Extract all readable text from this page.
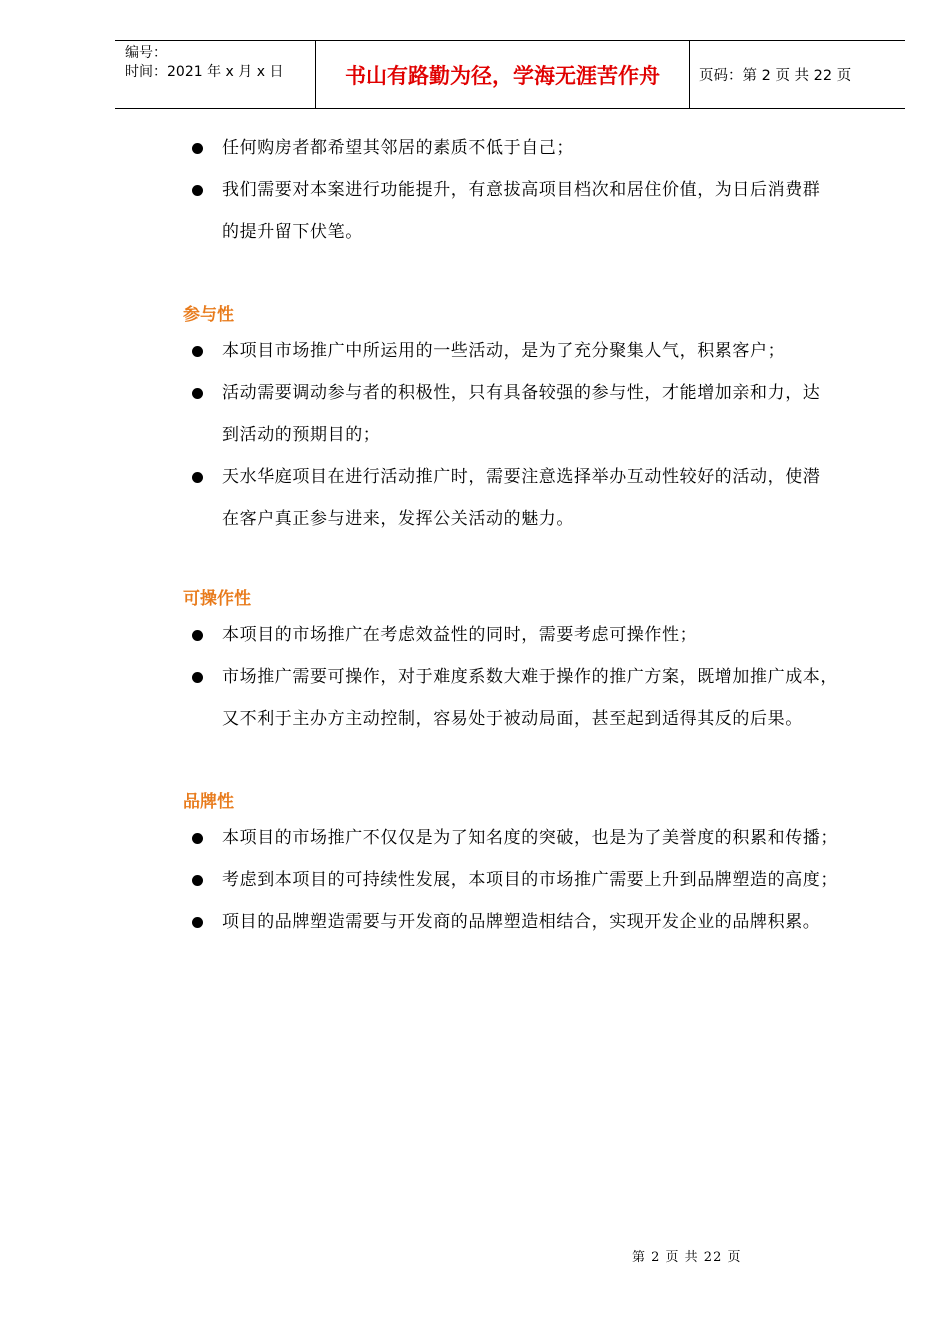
编号：
时间：2021 年 x 月 x 日	书山有路勤为径，学海无涯苦作舟	页码：第 2 页 共 22 页
任何购房者都希望其邻居的素质不低于自己；
我们需要对本案进行功能提升，有意拔高项目档次和居住价值，为日后消费群
的提升留下伏笔。
参与性
本项目市场推广中所运用的一些活动，是为了充分聚集人气，积累客户；
活动需要调动参与者的积极性，只有具备较强的参与性，才能增加亲和力，达
到活动的预期目的；
天水华庭项目在进行活动推广时，需要注意选择举办互动性较好的活动，使潜
在客户真正参与进来，发挥公关活动的魅力。
可操作性
本项目的市场推广在考虑效益性的同时，需要考虑可操作性；
市场推广需要可操作，对于难度系数大难于操作的推广方案，既增加推广成本，
又不利于主办方主动控制，容易处于被动局面，甚至起到适得其反的后果。
品牌性
本项目的市场推广不仅仅是为了知名度的突破，也是为了美誉度的积累和传播；
考虑到本项目的可持续性发展，本项目的市场推广需要上升到品牌塑造的高度；
项目的品牌塑造需要与开发商的品牌塑造相结合，实现开发企业的品牌积累。
第 2 页 共 22 页
